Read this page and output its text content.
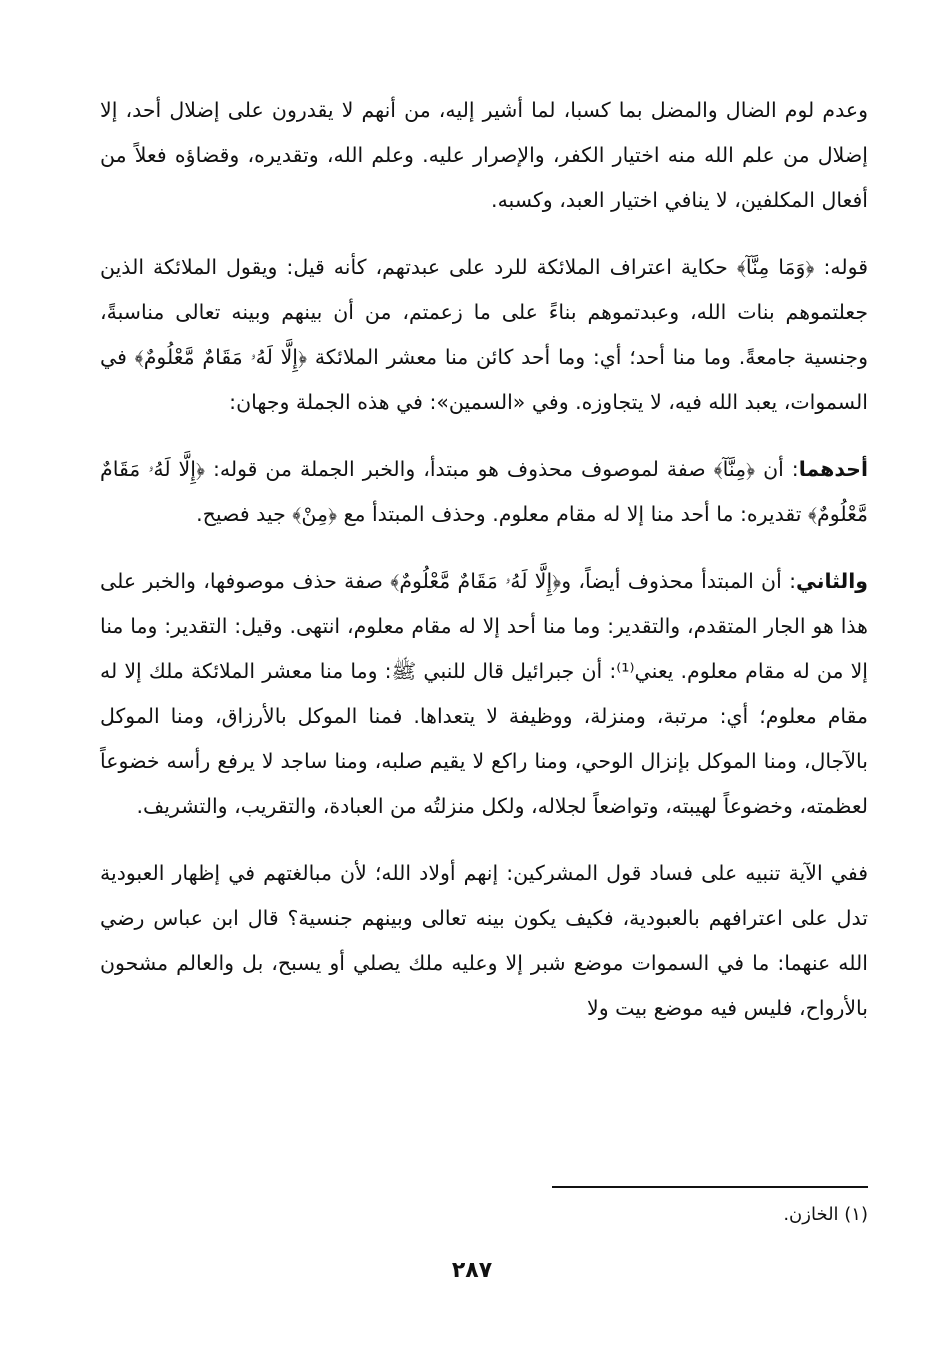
وعدم لوم الضال والمضل بما كسبا، لما أشير إليه، من أنهم لا يقدرون على إضلال أحد، إلا إضلال من علم الله منه اختيار الكفر، والإصرار عليه. وعلم الله، وتقديره، وقضاؤه فعلاً من أفعال المكلفين، لا ينافي اختيار العبد، وكسبه.

قوله: ﴿وَمَا مِنَّآ﴾ حكاية اعتراف الملائكة للرد على عبدتهم، كأنه قيل: ويقول الملائكة الذين جعلتموهم بنات الله، وعبدتموهم بناءً على ما زعمتم، من أن بينهم وبينه تعالى مناسبةً، وجنسية جامعةً. وما منا أحد؛ أي: وما أحد كائن منا معشر الملائكة ﴿إِلَّا لَهُۥ مَقَامٌ مَّعْلُومٌ﴾ في السموات، يعبد الله فيه، لا يتجاوزه. وفي «السمين»: في هذه الجملة وجهان:

أحدهما: أن ﴿مِنَّآ﴾ صفة لموصوف محذوف هو مبتدأ، والخبر الجملة من قوله: ﴿إِلَّا لَهُۥ مَقَامٌ مَّعْلُومٌ﴾ تقديره: ما أحد منا إلا له مقام معلوم. وحذف المبتدأ مع ﴿مِنْ﴾ جيد فصيح.

والثاني: أن المبتدأ محذوف أيضاً، و﴿إِلَّا لَهُۥ مَقَامٌ مَّعْلُومٌ﴾ صفة حذف موصوفها، والخبر على هذا هو الجار المتقدم، والتقدير: وما منا أحد إلا له مقام معلوم، انتهى. وقيل: التقدير: وما منا إلا من له مقام معلوم. يعني⁽¹⁾: أن جبرائيل قال للنبي ﷺ: وما منا معشر الملائكة ملك إلا له مقام معلوم؛ أي: مرتبة، ومنزلة، ووظيفة لا يتعداها. فمنا الموكل بالأرزاق، ومنا الموكل بالآجال، ومنا الموكل بإنزال الوحي، ومنا راكع لا يقيم صلبه، ومنا ساجد لا يرفع رأسه خضوعاً لعظمته، وخضوعاً لهيبته، وتواضعاً لجلاله، ولكل منزلتُه من العبادة، والتقريب، والتشريف.

ففي الآية تنبيه على فساد قول المشركين: إنهم أولاد الله؛ لأن مبالغتهم في إظهار العبودية تدل على اعترافهم بالعبودية، فكيف يكون بينه تعالى وبينهم جنسية؟ قال ابن عباس رضي الله عنهما: ما في السموات موضع شبر إلا وعليه ملك يصلي أو يسبح، بل والعالم مشحون بالأرواح، فليس فيه موضع بيت ولا

(١) الخازن.
٢٨٧
